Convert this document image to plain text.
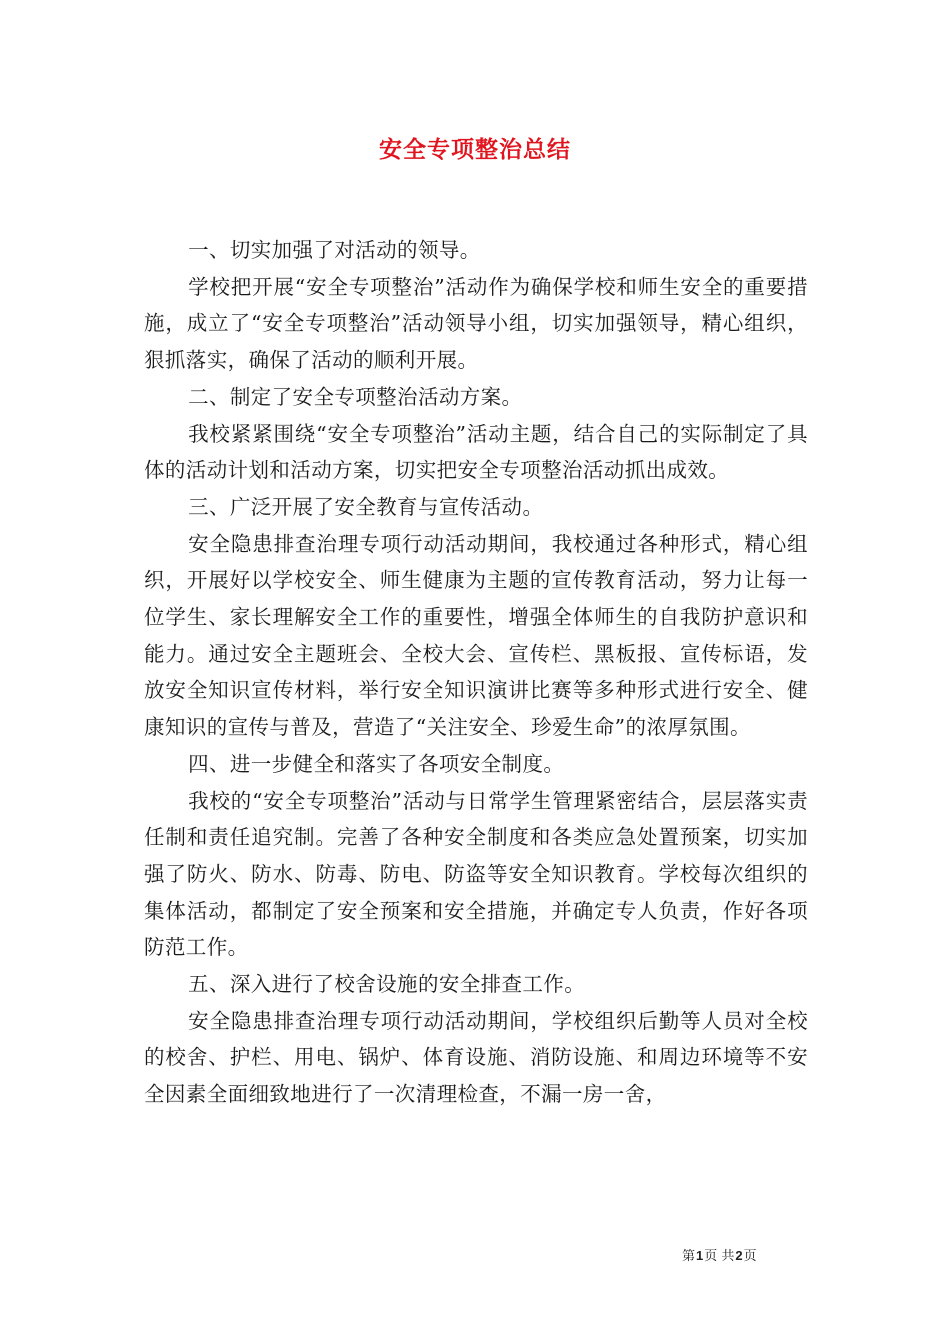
安全专项整治总结

一、切实加强了对活动的领导。

学校把开展“安全专项整治”活动作为确保学校和师生安全的重要措施，成立了“安全专项整治”活动领导小组，切实加强领导，精心组织，狠抓落实，确保了活动的顺利开展。

二、制定了安全专项整治活动方案。

我校紧紧围绕“安全专项整治”活动主题，结合自己的实际制定了具体的活动计划和活动方案，切实把安全专项整治活动抓出成效。

三、广泛开展了安全教育与宣传活动。

安全隐患排查治理专项行动活动期间，我校通过各种形式，精心组织，开展好以学校安全、师生健康为主题的宣传教育活动，努力让每一位学生、家长理解安全工作的重要性，增强全体师生的自我防护意识和能力。通过安全主题班会、全校大会、宣传栏、黑板报、宣传标语，发放安全知识宣传材料，举行安全知识演讲比赛等多种形式进行安全、健康知识的宣传与普及，营造了“关注安全、珍爱生命”的浓厚氛围。

四、进一步健全和落实了各项安全制度。

我校的“安全专项整治”活动与日常学生管理紧密结合，层层落实责任制和责任追究制。完善了各种安全制度和各类应急处置预案，切实加强了防火、防水、防毒、防电、防盗等安全知识教育。学校每次组织的集体活动，都制定了安全预案和安全措施，并确定专人负责，作好各项防范工作。

五、深入进行了校舍设施的安全排查工作。

安全隐患排查治理专项行动活动期间，学校组织后勤等人员对全校的校舍、护栏、用电、锅炉、体育设施、消防设施、和周边环境等不安全因素全面细致地进行了一次清理检查，不漏一房一舍，

第1页 共2页
